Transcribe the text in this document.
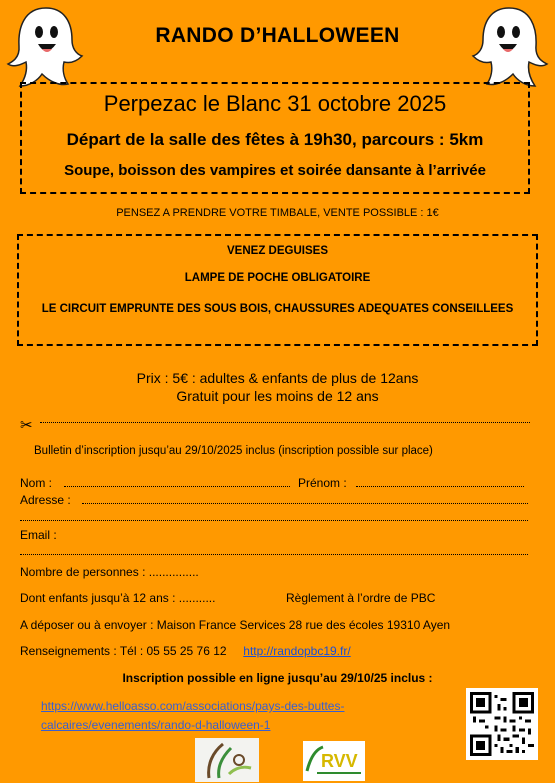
RANDO D’HALLOWEEN
Perpezac le Blanc 31 octobre 2025
Départ de la salle des fêtes à 19h30, parcours : 5km
Soupe, boisson des vampires et soirée dansante à l’arrivée
PENSEZ A PRENDRE VOTRE TIMBALE, VENTE POSSIBLE : 1€
VENEZ DEGUISES
LAMPE DE POCHE OBLIGATOIRE
LE CIRCUIT EMPRUNTE DES SOUS BOIS, CHAUSSURES ADEQUATES CONSEILLEES
Prix : 5€ : adultes & enfants de plus de 12ans
Gratuit pour les moins de 12 ans
✂
Bulletin d’inscription jusqu’au 29/10/2025 inclus (inscription possible sur place)
Nom :	Prénom :
Adresse :
Email :
Nombre de personnes : ...............
Dont enfants jusqu’à 12 ans : ...........	Règlement à l’ordre de PBC
A déposer ou à envoyer : Maison France Services 28 rue des écoles 19310 Ayen
Renseignements : Tél : 05 55 25 76 12 http://randopbc19.fr/
Inscription possible en ligne jusqu’au 29/10/25 inclus :
https://www.helloasso.com/associations/pays-des-buttes-
calcaires/evenements/rando-d-halloween-1
RVV
